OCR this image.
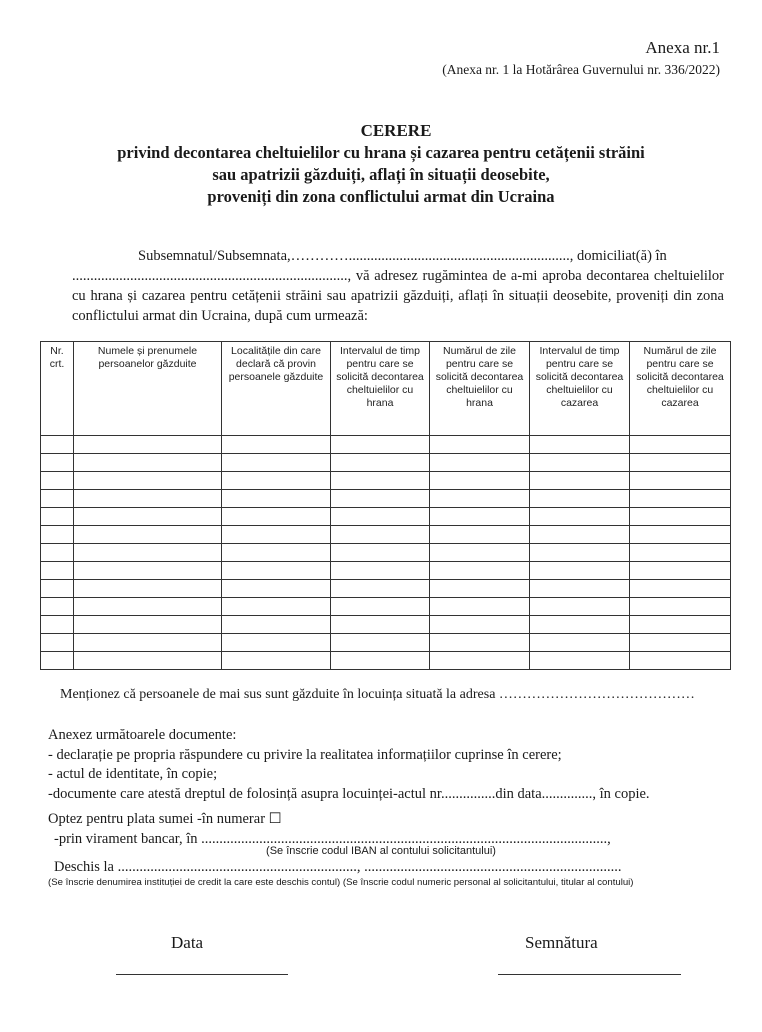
Anexa nr.1
(Anexa nr. 1 la Hotărârea Guvernului nr. 336/2022)
CERERE
privind decontarea cheltuielilor cu hrana și cazarea pentru cetățenii străini
sau apatrizii găzduiți, aflați în situații deosebite,
proveniți din zona conflictului armat din Ucraina

Subsemnatul/Subsemnata,…………............................................................., domiciliat(ă) în

............................................................................, vă adresez rugămintea de a-mi aproba decontarea cheltuielilor cu hrana și cazarea pentru cetățenii străini sau apatrizii găzduiți, aflați în situații deosebite, proveniți din zona conflictului armat din Ucraina, după cum urmează:

Nr. crt.	Numele și prenumele persoanelor găzduite	Localitățile din care declară că provin persoanele găzduite	Intervalul de timp pentru care se solicită decontarea cheltuielilor cu hrana	Numărul de zile pentru care se solicită decontarea cheltuielilor cu hrana	Intervalul de timp pentru care se solicită decontarea cheltuielilor cu cazarea	Numărul de zile pentru care se solicită decontarea cheltuielilor cu cazarea

Menționez că persoanele de mai sus sunt găzduite în locuința situată la adresa ……………………………………
Anexez următoarele documente:
- declarație pe propria răspundere cu privire la realitatea informațiilor cuprinse în cerere;
- actul de identitate, în copie;
-documente care atestă dreptul de folosință asupra locuinței-actul nr...............din data.............., în copie.
Optez pentru plata sumei -în numerar ☐
-prin virament bancar, în ................................................................................................................,
(Se înscrie codul IBAN al contului solicitantului)
Deschis la .................................................................., .......................................................................
(Se înscrie denumirea instituției de credit la care este deschis contul) (Se înscrie codul numeric personal al solicitantului, titular al contului)
Data	Semnătura
